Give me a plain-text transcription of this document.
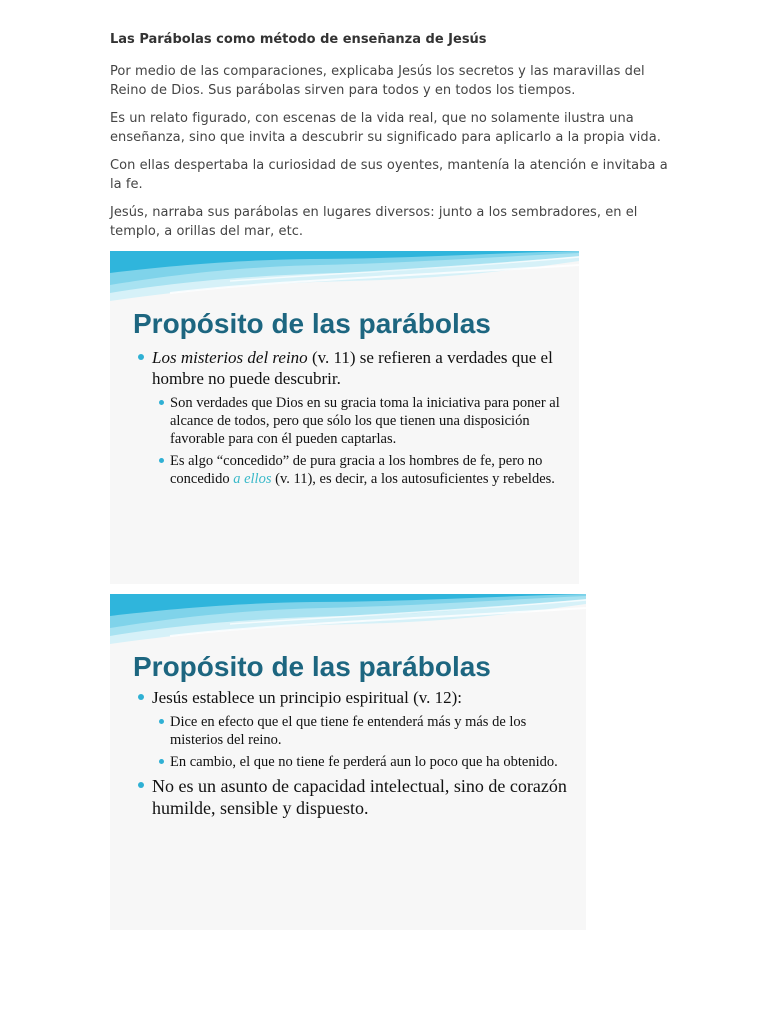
Las Parábolas como método de enseñanza de Jesús

Por medio de las comparaciones, explicaba Jesús los secretos y las maravillas del Reino de Dios. Sus parábolas sirven para todos y en todos los tiempos.

Es un relato figurado, con escenas de la vida real, que no solamente ilustra una enseñanza, sino que invita a descubrir su significado para aplicarlo a la propia vida.

Con ellas despertaba la curiosidad de sus oyentes, mantenía la atención e invitaba a la fe.

Jesús, narraba sus parábolas en lugares diversos: junto a los sembradores, en el templo, a orillas del mar, etc.

Propósito de las parábolas
Los misterios del reino (v. 11) se refieren a verdades que el hombre no puede descubrir.
Son verdades que Dios en su gracia toma la iniciativa para poner al alcance de todos, pero que sólo los que tienen una disposición favorable para con él pueden captarlas.
Es algo “concedido” de pura gracia a los hombres de fe, pero no concedido a ellos (v. 11), es decir, a los autosuficientes y rebeldes.
Propósito de las parábolas
Jesús establece un principio espiritual (v. 12):
Dice en efecto que el que tiene fe entenderá más y más de los misterios del reino.
En cambio, el que no tiene fe perderá aun lo poco que ha obtenido.
No es un asunto de capacidad intelectual, sino de corazón humilde, sensible y dispuesto.
